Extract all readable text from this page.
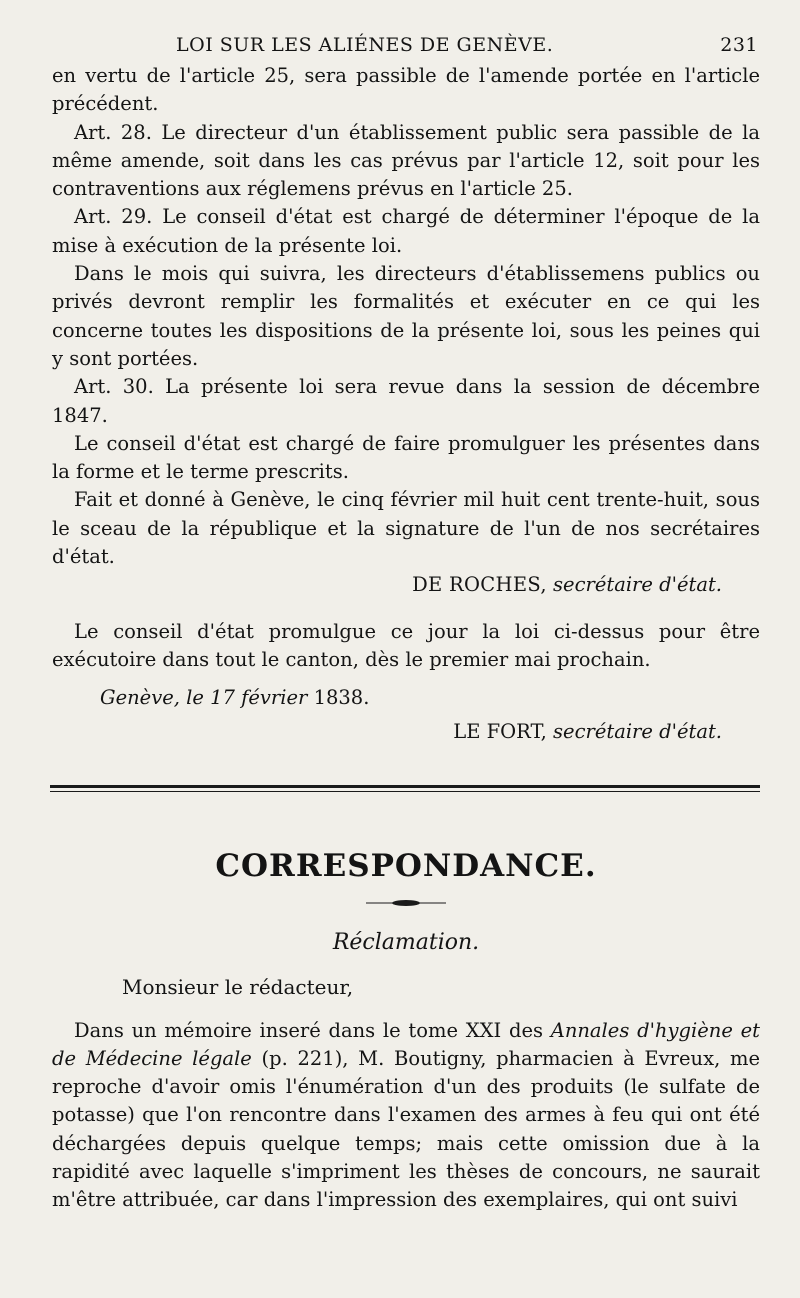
LOI SUR LES ALIÉNES DE GENÈVE.	231

en vertu de l'article 25, sera passible de l'amende portée en l'article précédent.

Art. 28. Le directeur d'un établissement public sera passible de la même amende, soit dans les cas prévus par l'article 12, soit pour les contraventions aux réglemens prévus en l'article 25.

Art. 29. Le conseil d'état est chargé de déterminer l'époque de la mise à exécution de la présente loi.

Dans le mois qui suivra, les directeurs d'établissemens publics ou privés devront remplir les formalités et exécuter en ce qui les concerne toutes les dispositions de la présente loi, sous les peines qui y sont portées.

Art. 30. La présente loi sera revue dans la session de décembre 1847.

Le conseil d'état est chargé de faire promulguer les présentes dans la forme et le terme prescrits.

Fait et donné à Genève, le cinq février mil huit cent trente-huit, sous le sceau de la république et la signature de l'un de nos secrétaires d'état.

DE ROCHES, secrétaire d'état.

Le conseil d'état promulgue ce jour la loi ci-dessus pour être exécutoire dans tout le canton, dès le premier mai prochain.

Genève, le 17 février 1838.

LE FORT, secrétaire d'état.

CORRESPONDANCE.
Réclamation.
Monsieur le rédacteur,

Dans un mémoire inseré dans le tome XXI des Annales d'hygiène et de Médecine légale (p. 221), M. Boutigny, pharmacien à Evreux, me reproche d'avoir omis l'énumération d'un des produits (le sulfate de potasse) que l'on rencontre dans l'examen des armes à feu qui ont été déchargées depuis quelque temps; mais cette omission due à la rapidité avec laquelle s'impriment les thèses de concours, ne saurait m'être attribuée, car dans l'impression des exemplaires, qui ont suivi
